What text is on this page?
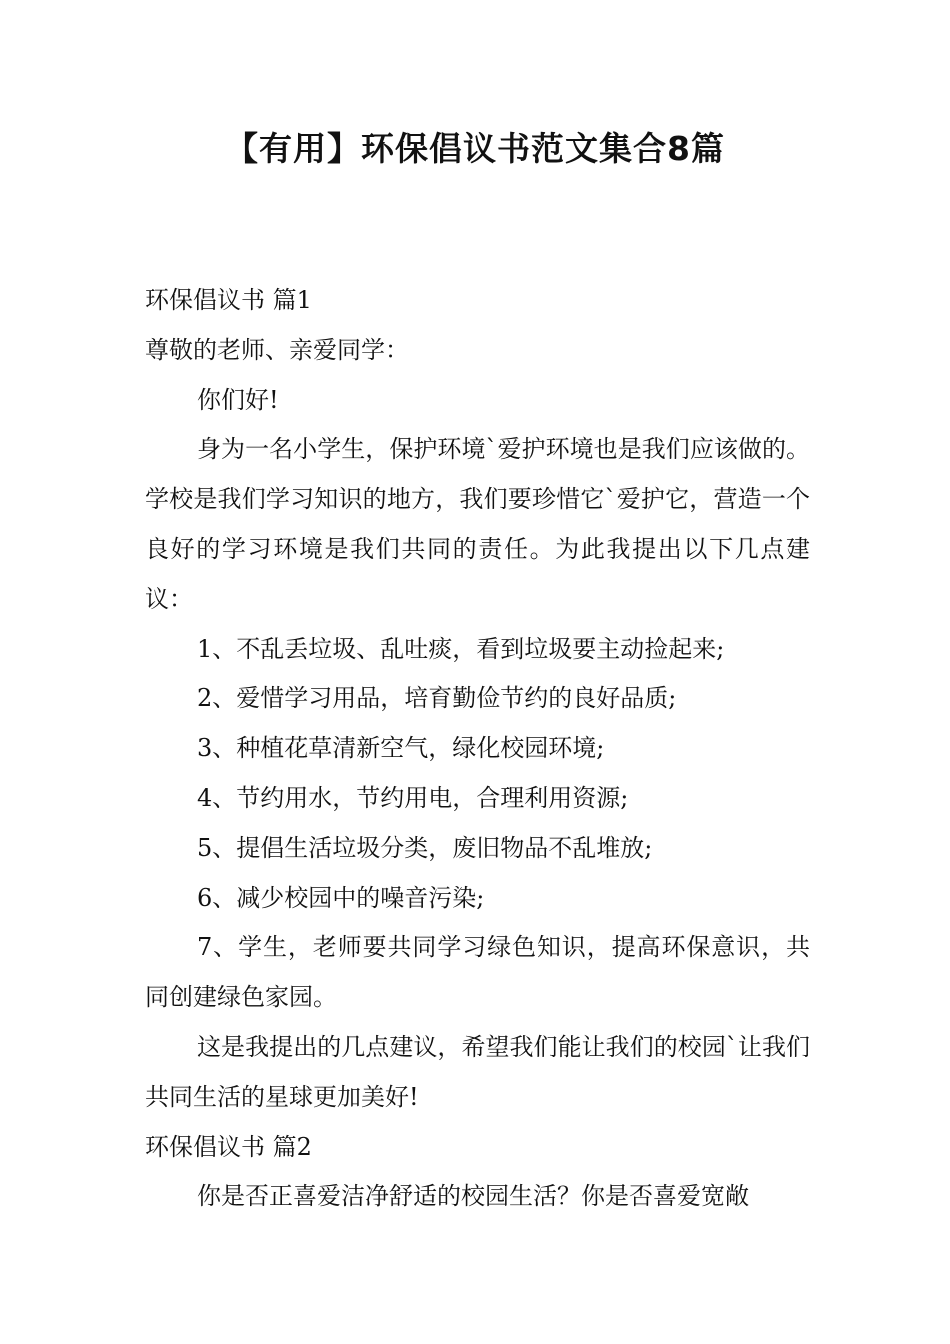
【有用】环保倡议书范文集合8篇

环保倡议书 篇1

尊敬的老师、亲爱同学：

你们好!

身为一名小学生，保护环境`爱护环境也是我们应该做的。学校是我们学习知识的地方，我们要珍惜它`爱护它，营造一个良好的学习环境是我们共同的责任。为此我提出以下几点建议：

1、不乱丢垃圾、乱吐痰，看到垃圾要主动捡起来;

2、爱惜学习用品，培育勤俭节约的良好品质;

3、种植花草清新空气，绿化校园环境;

4、节约用水，节约用电，合理利用资源;

5、提倡生活垃圾分类，废旧物品不乱堆放;

6、减少校园中的噪音污染;

7、学生，老师要共同学习绿色知识，提高环保意识，共同创建绿色家园。

这是我提出的几点建议，希望我们能让我们的校园`让我们共同生活的星球更加美好!

环保倡议书 篇2

你是否正喜爱洁净舒适的校园生活？你是否喜爱宽敞
